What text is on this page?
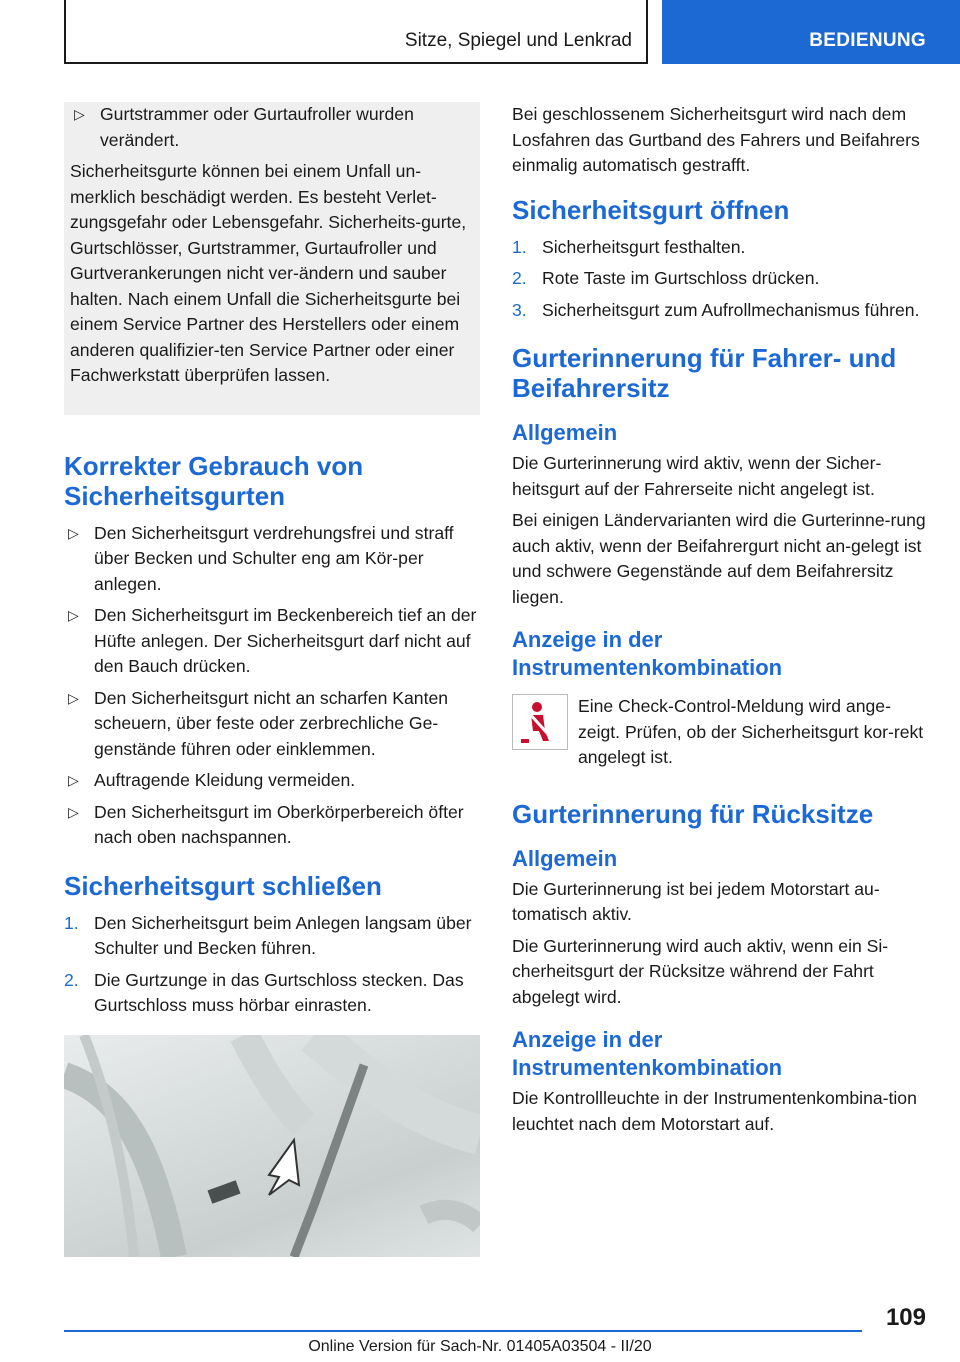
Sitze, Spiegel und Lenkrad	BEDIENUNG
▷ Gurtstrammer oder Gurtaufroller wurden verändert.

Sicherheitsgurte können bei einem Unfall un‐merklich beschädigt werden. Es besteht Verlet‐zungsgefahr oder Lebensgefahr. Sicherheits‐gurte, Gurtschlösser, Gurtstrammer, Gurtaufroller und Gurtverankerungen nicht ver‐ändern und sauber halten. Nach einem Unfall die Sicherheitsgurte bei einem Service Partner des Herstellers oder einem anderen qualifizier‐ten Service Partner oder einer Fachwerkstatt überprüfen lassen.

Korrekter Gebrauch von Sicherheitsgurten
▷ Den Sicherheitsgurt verdrehungsfrei und straff über Becken und Schulter eng am Kör‐per anlegen.
▷ Den Sicherheitsgurt im Beckenbereich tief an der Hüfte anlegen. Der Sicherheitsgurt darf nicht auf den Bauch drücken.
▷ Den Sicherheitsgurt nicht an scharfen Kanten scheuern, über feste oder zerbrechliche Ge‐genstände führen oder einklemmen.
▷ Auftragende Kleidung vermeiden.
▷ Den Sicherheitsgurt im Oberkörperbereich öfter nach oben nachspannen.
Sicherheitsgurt schließen
1. Den Sicherheitsgurt beim Anlegen langsam über Schulter und Becken führen.
2. Die Gurtzunge in das Gurtschloss stecken. Das Gurtschloss muss hörbar einrasten.

Bei geschlossenem Sicherheitsgurt wird nach dem Losfahren das Gurtband des Fahrers und Beifahrers einmalig automatisch gestrafft.

Sicherheitsgurt öffnen
1. Sicherheitsgurt festhalten.
2. Rote Taste im Gurtschloss drücken.
3. Sicherheitsgurt zum Aufrollmechanismus führen.
Gurterinnerung für Fahrer- und Beifahrersitz
Allgemein

Die Gurterinnerung wird aktiv, wenn der Sicher‐heitsgurt auf der Fahrerseite nicht angelegt ist.

Bei einigen Ländervarianten wird die Gurterinne‐rung auch aktiv, wenn der Beifahrergurt nicht an‐gelegt ist und schwere Gegenstände auf dem Beifahrersitz liegen.

Anzeige in der Instrumentenkombination
Eine Check-Control-Meldung wird ange‐zeigt. Prüfen, ob der Sicherheitsgurt kor‐rekt angelegt ist.
Gurterinnerung für Rücksitze
Allgemein

Die Gurterinnerung ist bei jedem Motorstart au‐tomatisch aktiv.

Die Gurterinnerung wird auch aktiv, wenn ein Si‐cherheitsgurt der Rücksitze während der Fahrt abgelegt wird.

Anzeige in der Instrumentenkombination

Die Kontrollleuchte in der Instrumentenkombina‐tion leuchtet nach dem Motorstart auf.

109
Online Version für Sach-Nr. 01405A03504 - II/20
